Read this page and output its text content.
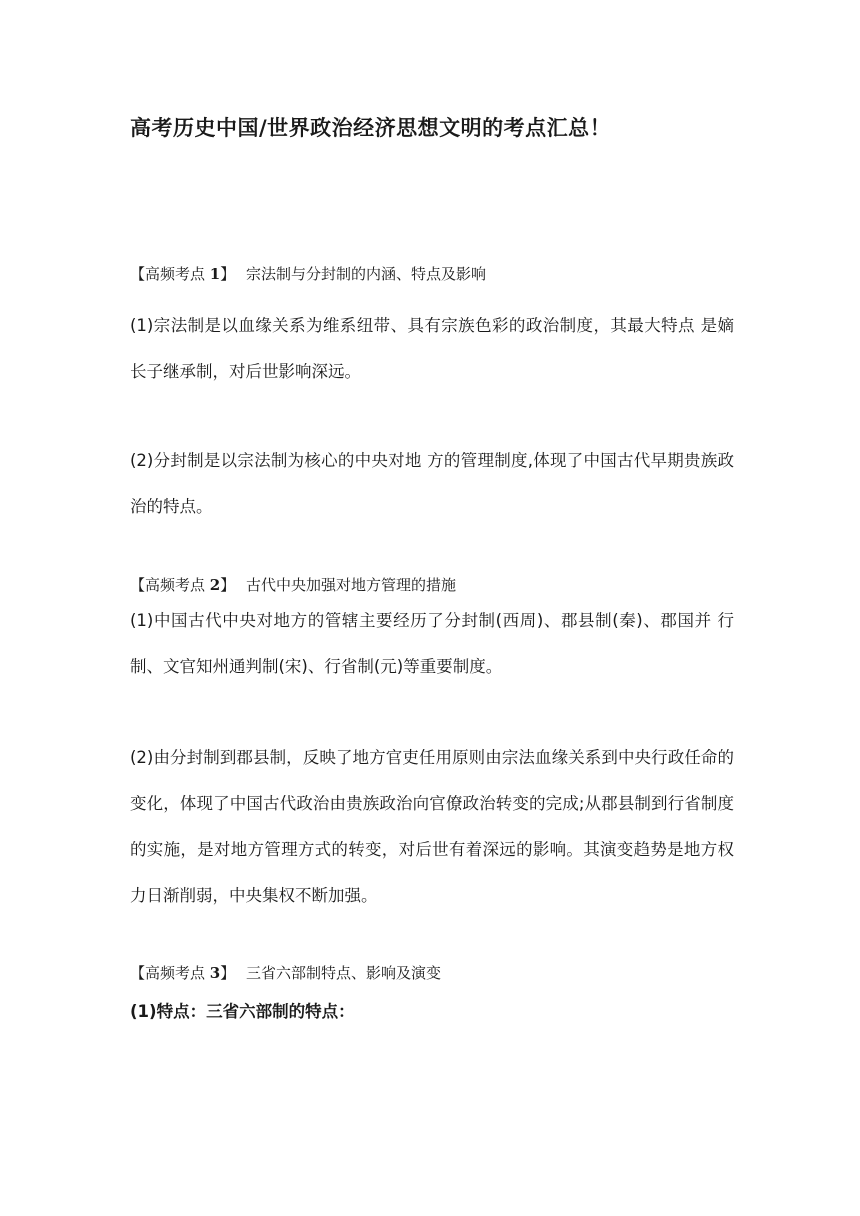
高考历史中国/世界政治经济思想文明的考点汇总！
【高频考点 1】 宗法制与分封制的内涵、特点及影响

(1)宗法制是以血缘关系为维系纽带、具有宗族色彩的政治制度，其最大特点 是嫡长子继承制，对后世影响深远。

(2)分封制是以宗法制为核心的中央对地 方的管理制度,体现了中国古代早期贵族政治的特点。

【高频考点 2】 古代中央加强对地方管理的措施

(1)中国古代中央对地方的管辖主要经历了分封制(西周)、郡县制(秦)、郡国并 行制、文官知州通判制(宋)、行省制(元)等重要制度。

(2)由分封制到郡县制，反映了地方官吏任用原则由宗法血缘关系到中央行政任命的变化，体现了中国古代政治由贵族政治向官僚政治转变的完成;从郡县制到行省制度的实施，是对地方管理方式的转变，对后世有着深远的影响。其演变趋势是地方权力日渐削弱，中央集权不断加强。

【高频考点 3】 三省六部制特点、影响及演变
(1)特点：三省六部制的特点：
